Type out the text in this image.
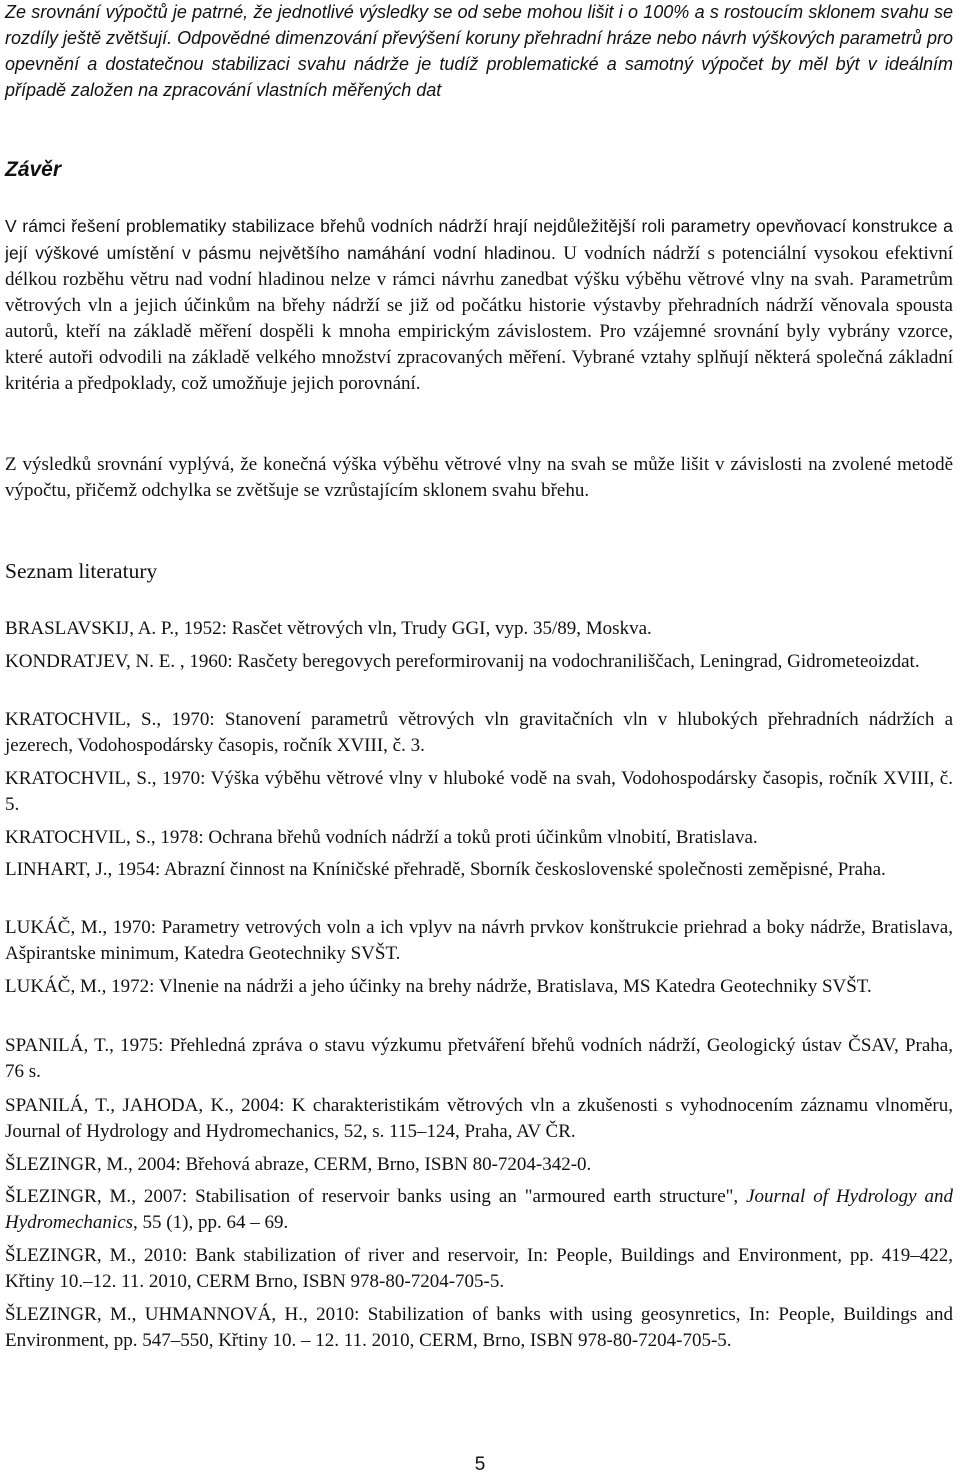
Ze srovnání výpočtů je patrné, že jednotlivé výsledky se od sebe mohou lišit i o 100% a s rostoucím sklonem svahu se rozdíly ještě zvětšují. Odpovědné dimenzování převýšení koruny přehradní hráze nebo návrh výškových parametrů pro opevnění a dostatečnou stabilizaci svahu nádrže je tudíž problematické a samotný výpočet by měl být v ideálním případě založen na zpracování vlastních měřených dat

Závěr

V rámci řešení problematiky stabilizace břehů vodních nádrží hrají nejdůležitější roli parametry opevňovací konstrukce a její výškové umístění v pásmu největšího namáhání vodní hladinou. U vodních nádrží s potenciální vysokou efektivní délkou rozběhu větru nad vodní hladinou nelze v rámci návrhu zanedbat výšku výběhu větrové vlny na svah. Parametrům větrových vln a jejich účinkům na břehy nádrží se již od počátku historie výstavby přehradních nádrží věnovala spousta autorů, kteří na základě měření dospěli k mnoha empirickým závislostem. Pro vzájemné srovnání byly vybrány vzorce, které autoři odvodili na základě velkého množství zpracovaných měření. Vybrané vztahy splňují některá společná základní kritéria a předpoklady, což umožňuje jejich porovnání.

Z výsledků srovnání vyplývá, že konečná výška výběhu větrové vlny na svah se může lišit v závislosti na zvolené metodě výpočtu, přičemž odchylka se zvětšuje se vzrůstajícím sklonem svahu břehu.

Seznam literatury

BRASLAVSKIJ, A. P., 1952: Rasčet větrových vln, Trudy GGI, vyp. 35/89, Moskva.

KONDRATJEV, N. E. , 1960: Rasčety beregovych pereformirovanij na vodochraniliščach, Leningrad, Gidrometeoizdat.

KRATOCHVIL, S., 1970: Stanovení parametrů větrových vln gravitačních vln v hlubokých přehradních nádržích a jezerech, Vodohospodársky časopis, ročník XVIII, č. 3.

KRATOCHVIL, S., 1970: Výška výběhu větrové vlny v hluboké vodě na svah, Vodohospodársky časopis, ročník XVIII, č. 5.

KRATOCHVIL, S., 1978: Ochrana břehů vodních nádrží a toků proti účinkům vlnobití, Bratislava.

LINHART, J., 1954: Abrazní činnost na Kníničské přehradě, Sborník československé společnosti zeměpisné, Praha.

LUKÁČ, M., 1970: Parametry vetrových voln a ich vplyv na návrh prvkov konštrukcie priehrad a boky nádrže, Bratislava, Ašpirantske minimum, Katedra Geotechniky SVŠT.

LUKÁČ, M., 1972: Vlnenie na nádrži a jeho účinky na brehy nádrže, Bratislava, MS Katedra Geotechniky SVŠT.

SPANILÁ, T., 1975: Přehledná zpráva o stavu výzkumu přetváření břehů vodních nádrží, Geologický ústav ČSAV, Praha, 76 s.

SPANILÁ, T., JAHODA, K., 2004: K charakteristikám větrových vln a zkušenosti s vyhodnocením záznamu vlnoměru, Journal of Hydrology and Hydromechanics, 52, s. 115–124, Praha, AV ČR.

ŠLEZINGR, M., 2004: Břehová abraze, CERM, Brno, ISBN 80-7204-342-0.

ŠLEZINGR, M., 2007: Stabilisation of reservoir banks using an "armoured earth structure", Journal of Hydrology and Hydromechanics, 55 (1), pp. 64 – 69.

ŠLEZINGR, M., 2010: Bank stabilization of river and reservoir, In: People, Buildings and Environment, pp. 419–422, Křtiny 10.–12. 11. 2010, CERM Brno, ISBN 978-80-7204-705-5.

ŠLEZINGR, M., UHMANNOVÁ, H., 2010: Stabilization of banks with using geosynretics, In: People, Buildings and Environment, pp. 547–550, Křtiny 10. – 12. 11. 2010, CERM, Brno, ISBN 978-80-7204-705-5.

5
